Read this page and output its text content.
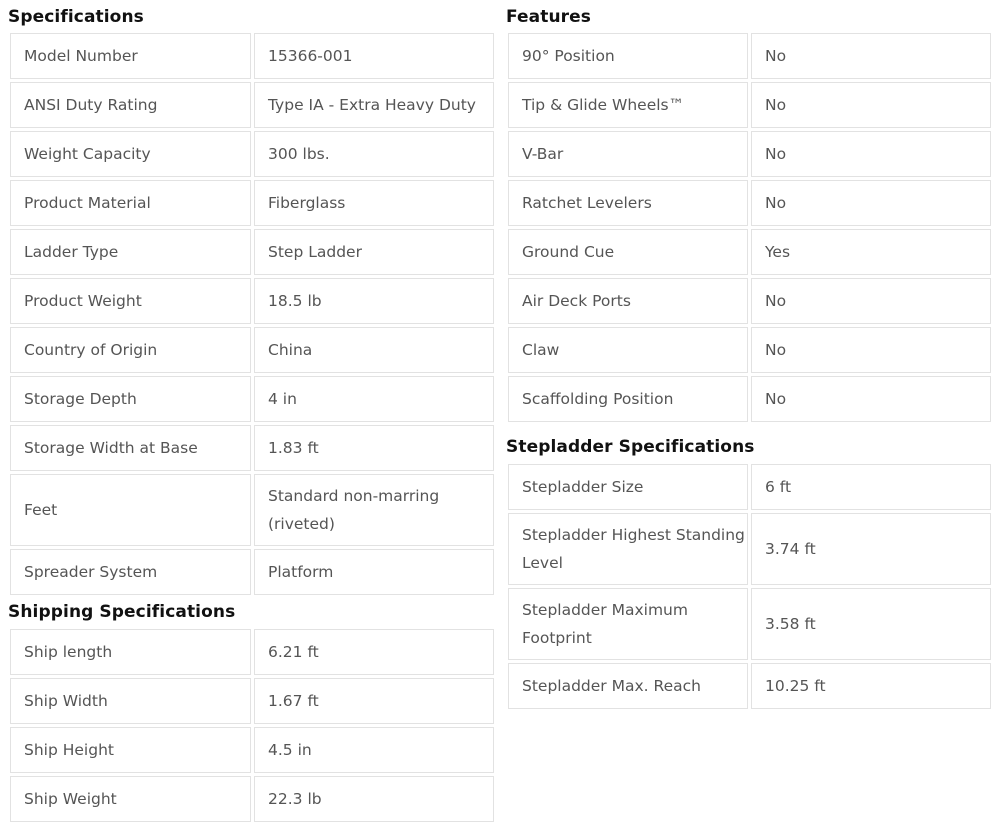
Specifications
Model Number	15366-001
ANSI Duty Rating	Type IA - Extra Heavy Duty
Weight Capacity	300 lbs.
Product Material	Fiberglass
Ladder Type	Step Ladder
Product Weight	18.5 lb
Country of Origin	China
Storage Depth	4 in
Storage Width at Base	1.83 ft
Feet	Standard non-marring (riveted)
Spreader System	Platform
Shipping Specifications
Ship length	6.21 ft
Ship Width	1.67 ft
Ship Height	4.5 in
Ship Weight	22.3 lb
Features
90° Position	No
Tip & Glide Wheels™	No
V-Bar	No
Ratchet Levelers	No
Ground Cue	Yes
Air Deck Ports	No
Claw	No
Scaffolding Position	No
Stepladder Specifications
Stepladder Size	6 ft
Stepladder Highest Standing Level	3.74 ft
Stepladder Maximum Footprint	3.58 ft
Stepladder Max. Reach	10.25 ft
